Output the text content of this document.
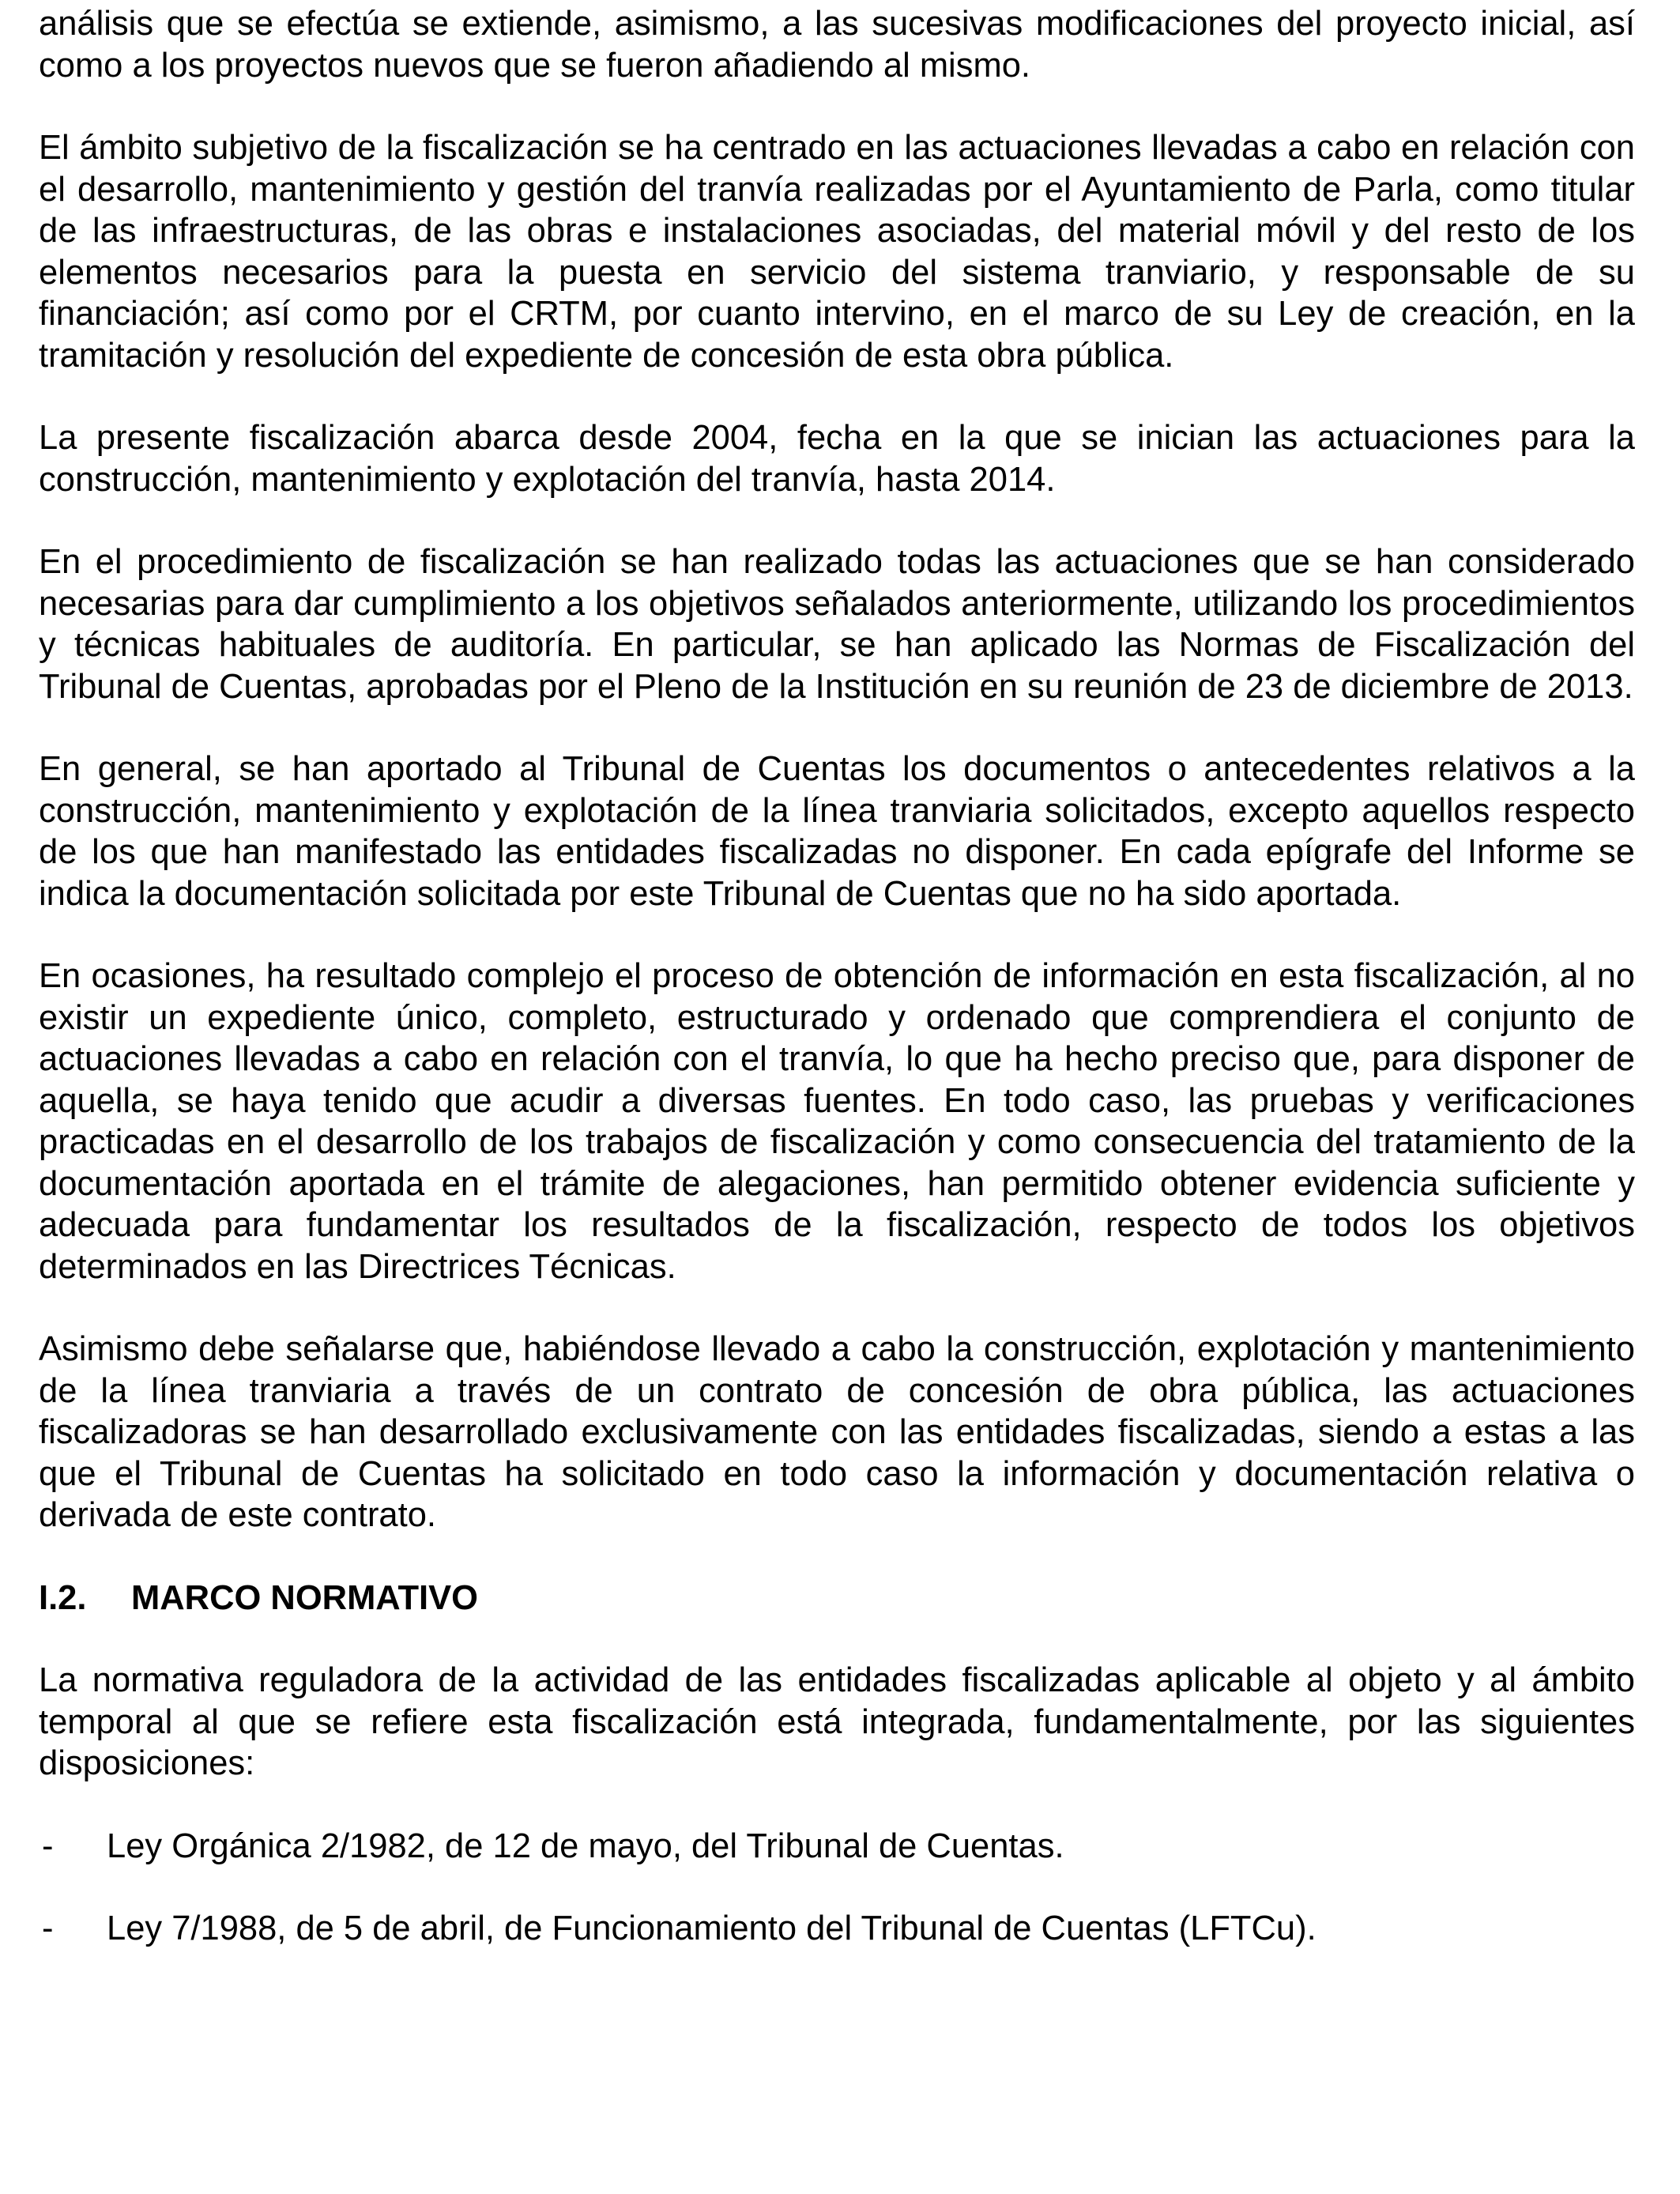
análisis que se efectúa se extiende, asimismo, a las sucesivas modificaciones del proyecto inicial, así como a los proyectos nuevos que se fueron añadiendo al mismo.

El ámbito subjetivo de la fiscalización se ha centrado en las actuaciones llevadas a cabo en relación con el desarrollo, mantenimiento y gestión del tranvía realizadas por el Ayuntamiento de Parla, como titular de las infraestructuras, de las obras e instalaciones asociadas, del material móvil y del resto de los elementos necesarios para la puesta en servicio del sistema tranviario, y responsable de su financiación; así como por el CRTM, por cuanto intervino, en el marco de su Ley de creación, en la tramitación y resolución del expediente de concesión de esta obra pública.

La presente fiscalización abarca desde 2004, fecha en la que se inician las actuaciones para la construcción, mantenimiento y explotación del tranvía, hasta 2014.

En el procedimiento de fiscalización se han realizado todas las actuaciones que se han considerado necesarias para dar cumplimiento a los objetivos señalados anteriormente, utilizando los procedimientos y técnicas habituales de auditoría. En particular, se han aplicado las Normas de Fiscalización del Tribunal de Cuentas, aprobadas por el Pleno de la Institución en su reunión de 23 de diciembre de 2013.

En general, se han aportado al Tribunal de Cuentas los documentos o antecedentes relativos a la construcción, mantenimiento y explotación de la línea tranviaria solicitados, excepto aquellos respecto de los que han manifestado las entidades fiscalizadas no disponer. En cada epígrafe del Informe se indica la documentación solicitada por este Tribunal de Cuentas que no ha sido aportada.

En ocasiones, ha resultado complejo el proceso de obtención de información en esta fiscalización, al no existir un expediente único, completo, estructurado y ordenado que comprendiera el conjunto de actuaciones llevadas a cabo en relación con el tranvía, lo que ha hecho preciso que, para disponer de aquella, se haya tenido que acudir a diversas fuentes. En todo caso, las pruebas y verificaciones practicadas en el desarrollo de los trabajos de fiscalización y como consecuencia del tratamiento de la documentación aportada en el trámite de alegaciones, han permitido obtener evidencia suficiente y adecuada para fundamentar los resultados de la fiscalización, respecto de todos los objetivos determinados en las Directrices Técnicas.

Asimismo debe señalarse que, habiéndose llevado a cabo la construcción, explotación y mantenimiento de la línea tranviaria a través de un contrato de concesión de obra pública, las actuaciones fiscalizadoras se han desarrollado exclusivamente con las entidades fiscalizadas, siendo a estas a las que el Tribunal de Cuentas ha solicitado en todo caso la información y documentación relativa o derivada de este contrato.

I.2.	MARCO NORMATIVO

La normativa reguladora de la actividad de las entidades fiscalizadas aplicable al objeto y al ámbito temporal al que se refiere esta fiscalización está integrada, fundamentalmente, por las siguientes disposiciones:

-	Ley Orgánica 2/1982, de 12 de mayo, del Tribunal de Cuentas.
-	Ley 7/1988, de 5 de abril, de Funcionamiento del Tribunal de Cuentas (LFTCu).
